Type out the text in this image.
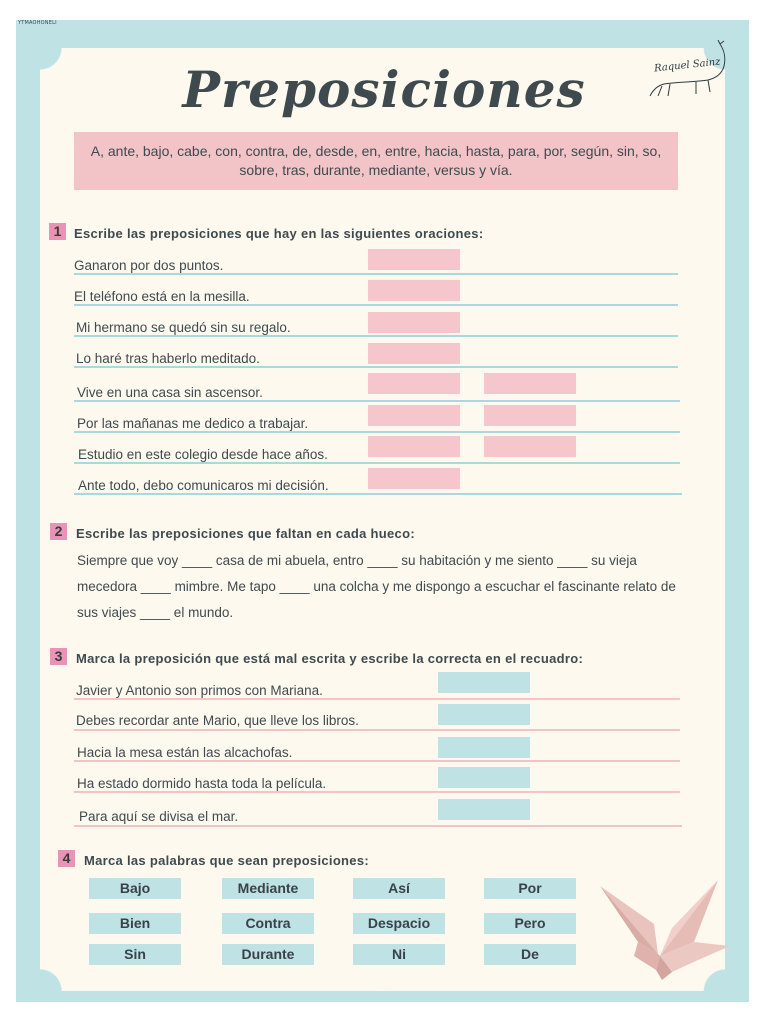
YTMAOHONELI
Preposiciones	Raquel Sainz
A, ante, bajo, cabe, con, contra, de, desde, en, entre, hacia, hasta, para, por, según, sin, so, sobre, tras, durante, mediante, versus y vía.
1 Escribe las preposiciones que hay en las siguientes oraciones:
Ganaron por dos puntos.
El teléfono está en la mesilla.
Mi hermano se quedó sin su regalo.
Lo haré tras haberlo meditado.
Vive en una casa sin ascensor.
Por las mañanas me dedico a trabajar.
Estudio en este colegio desde hace años.
Ante todo, debo comunicaros mi decisión.
2	Escribe las preposiciones que faltan en cada hueco:
Siempre que voy ____ casa de mi abuela, entro ____ su habitación y me siento ____ su vieja mecedora ____ mimbre. Me tapo ____ una colcha y me dispongo a escuchar el fascinante relato de sus viajes ____ el mundo.
3	Marca la preposición que está mal escrita y escribe la correcta en el recuadro:
Javier y Antonio son primos con Mariana.
Debes recordar ante Mario, que lleve los libros.
Hacia la mesa están las alcachofas.
Ha estado dormido hasta toda la película.
Para aquí se divisa el mar.
4	Marca las palabras que sean preposiciones:
Bajo	Mediante	Así	Por
Bien	Contra	Despacio	Pero
Sin	Durante	Ni	De
